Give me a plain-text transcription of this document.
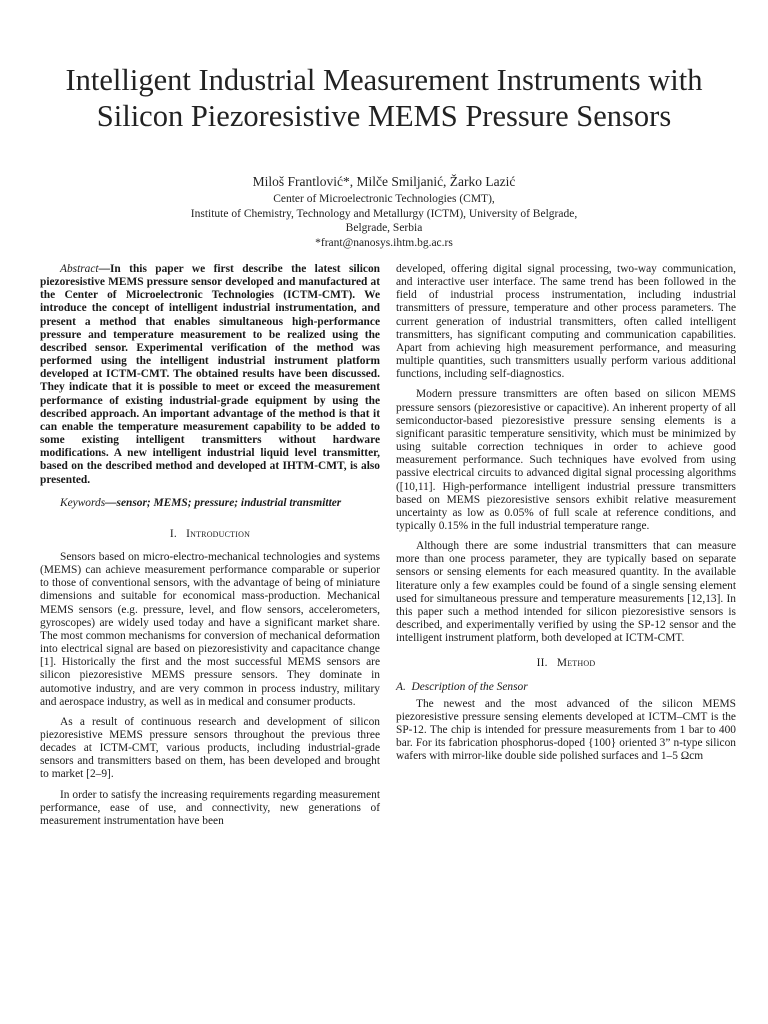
Intelligent Industrial Measurement Instruments with Silicon Piezoresistive MEMS Pressure Sensors
Miloš Frantlović*, Milče Smiljanić, Žarko Lazić
Center of Microelectronic Technologies (CMT),
Institute of Chemistry, Technology and Metallurgy (ICTM), University of Belgrade,
Belgrade, Serbia
*frant@nanosys.ihtm.bg.ac.rs

Abstract—In this paper we first describe the latest silicon piezoresistive MEMS pressure sensor developed and manufactured at the Center of Microelectronic Technologies (ICTM-CMT). We introduce the concept of intelligent industrial instrumentation, and present a method that enables simultaneous high-performance pressure and temperature measurement to be realized using the described sensor. Experimental verification of the method was performed using the intelligent industrial instrument platform developed at ICTM-CMT. The obtained results have been discussed. They indicate that it is possible to meet or exceed the measurement performance of existing industrial-grade equipment by using the described approach. An important advantage of the method is that it can enable the temperature measurement capability to be added to some existing intelligent transmitters without hardware modifications. A new intelligent industrial liquid level transmitter, based on the described method and developed at IHTM-CMT, is also presented.

Keywords—sensor; MEMS; pressure; industrial transmitter

I. Introduction

Sensors based on micro-electro-mechanical technologies and systems (MEMS) can achieve measurement performance comparable or superior to those of conventional sensors, with the advantage of being of miniature dimensions and suitable for economical mass-production. Mechanical MEMS sensors (e.g. pressure, level, and flow sensors, accelerometers, gyroscopes) are widely used today and have a significant market share. The most common mechanisms for conversion of mechanical deformation into electrical signal are based on piezoresistivity and capacitance change [1]. Historically the first and the most successful MEMS sensors are silicon piezoresistive MEMS pressure sensors. They dominate in automotive industry, and are very common in process industry, military and aerospace industry, as well as in medical and consumer products.

As a result of continuous research and development of silicon piezoresistive MEMS pressure sensors throughout the previous three decades at ICTM-CMT, various products, including industrial-grade sensors and transmitters based on them, has been developed and brought to market [2–9].

In order to satisfy the increasing requirements regarding measurement performance, ease of use, and connectivity, new generations of measurement instrumentation have been

developed, offering digital signal processing, two-way communication, and interactive user interface. The same trend has been followed in the field of industrial process instrumentation, including industrial transmitters of pressure, temperature and other process parameters. The current generation of industrial transmitters, often called intelligent transmitters, has significant computing and communication capabilities. Apart from achieving high measurement performance, and measuring multiple quantities, such transmitters usually perform various additional functions, including self-diagnostics.

Modern pressure transmitters are often based on silicon MEMS pressure sensors (piezoresistive or capacitive). An inherent property of all semiconductor-based piezoresistive pressure sensing elements is a significant parasitic temperature sensitivity, which must be minimized by using suitable correction techniques in order to achieve good measurement performance. Such techniques have evolved from using passive electrical circuits to advanced digital signal processing algorithms ([10,11]. High-performance intelligent industrial pressure transmitters based on MEMS piezoresistive sensors exhibit relative measurement uncertainty as low as 0.05% of full scale at reference conditions, and typically 0.15% in the full industrial temperature range.

Although there are some industrial transmitters that can measure more than one process parameter, they are typically based on separate sensors or sensing elements for each measured quantity. In the available literature only a few examples could be found of a single sensing element used for simultaneous pressure and temperature measurements [12,13]. In this paper such a method intended for silicon piezoresistive sensors is described, and experimentally verified by using the SP-12 sensor and the intelligent instrument platform, both developed at ICTM-CMT.

II. Method
A. Description of the Sensor

The newest and the most advanced of the silicon MEMS piezoresistive pressure sensing elements developed at ICTM–CMT is the SP-12. The chip is intended for pressure measurements from 1 bar to 400 bar. For its fabrication phosphorus-doped {100} oriented 3” n-type silicon wafers with mirror-like double side polished surfaces and 1–5 Ωcm
